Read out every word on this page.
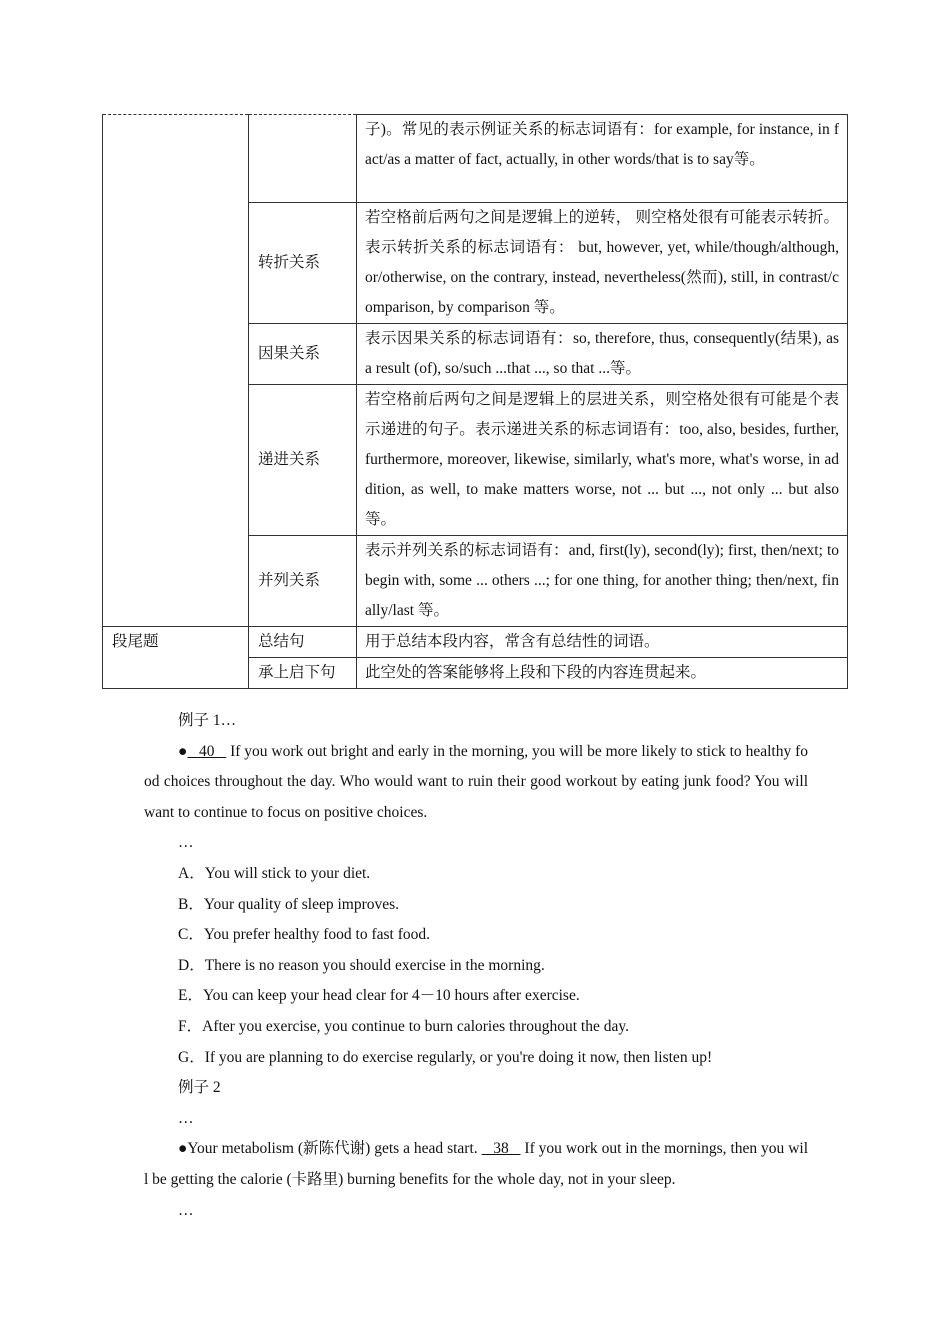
		子)。常见的表示例证关系的标志词语有：for example, for instance, in fact/as a matter of fact, actually, in other words/that is to say等。
	转折关系	若空格前后两句之间是逻辑上的逆转， 则空格处很有可能表示转折。表示转折关系的标志词语有： but, however, yet, while/though/although, or/otherwise, on the contrary, instead, nevertheless(然而), still, in contrast/comparison, by comparison 等。
	因果关系	表示因果关系的标志词语有：so, therefore, thus, consequently(结果), as a result (of), so/such ...that ..., so that ...等。
	递进关系	若空格前后两句之间是逻辑上的层进关系，则空格处很有可能是个表示递进的句子。表示递进关系的标志词语有：too, also, besides, further, furthermore, moreover, likewise, similarly, what's more, what's worse, in addition, as well, to make matters worse, not ... but ..., not only ... but also 等。
	并列关系	表示并列关系的标志词语有：and, first(ly), second(ly); first, then/next; to begin with, some ... others ...; for one thing, for another thing; then/next, finally/last 等。
段尾题	总结句	用于总结本段内容，常含有总结性的词语。
	承上启下句	此空处的答案能够将上段和下段的内容连贯起来。

例子 1…

●   40    If you work out bright and early in the morning, you will be more likely to stick to healthy food choices throughout the day. Who would want to ruin their good workout by eating junk food? You will want to continue to focus on positive choices.

…

A．You will stick to your diet.

B．Your quality of sleep improves.

C．You prefer healthy food to fast food.

D．There is no reason you should exercise in the morning.

E．You can keep your head clear for 4－10 hours after exercise.

F．After you exercise, you continue to burn calories throughout the day.

G．If you are planning to do exercise regularly, or you're doing it now, then listen up!

例子 2

…

●Your metabolism (新陈代谢) gets a head start.    38    If you work out in the mornings, then you will be getting the calorie (卡路里) burning benefits for the whole day, not in your sleep.

…
